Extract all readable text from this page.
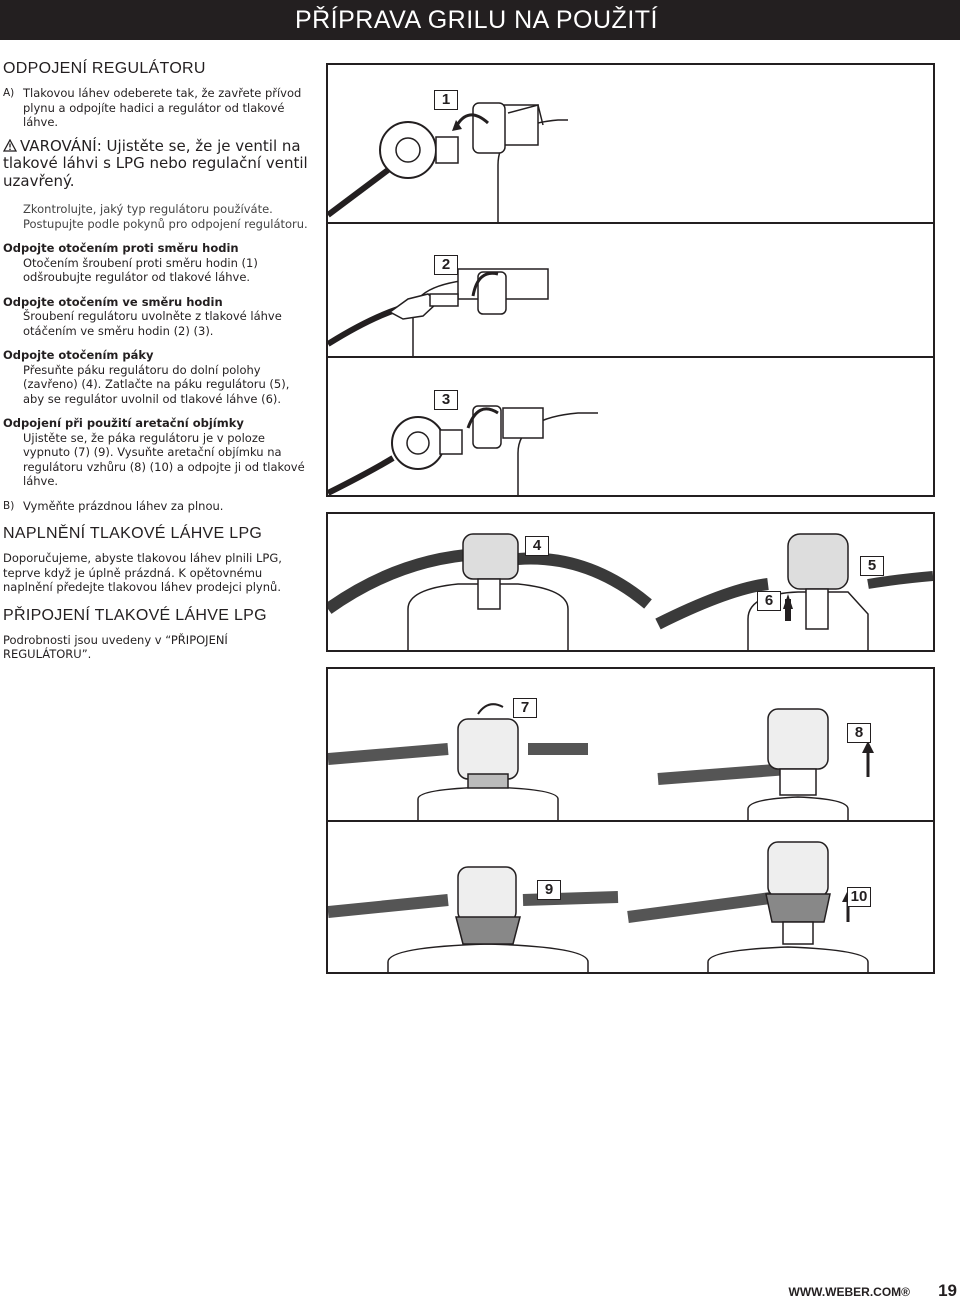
PŘÍPRAVA GRILU NA POUŽITÍ
ODPOJENÍ REGULÁTORU
A) Tlakovou láhev odeberete tak, že zavřete přívod plynu a odpojíte hadici a regulátor od tlakové láhve.
VAROVÁNÍ: Ujistěte se, že je ventil na tlakové láhvi s LPG nebo regulační ventil uzavřený.

Zkontrolujte, jaký typ regulátoru používáte. Postupujte podle pokynů pro odpojení regulátoru.

Odpojte otočením proti směru hodin

Otočením šroubení proti směru hodin (1) odšroubujte regulátor od tlakové láhve.

Odpojte otočením ve směru hodin

Šroubení regulátoru uvolněte z tlakové láhve otáčením ve směru hodin (2) (3).

Odpojte otočením páky

Přesuňte páku regulátoru do dolní polohy (zavřeno) (4). Zatlačte na páku regulátoru (5), aby se regulátor uvolnil od tlakové láhve (6).

Odpojení při použití aretační objímky

Ujistěte se, že páka regulátoru je v poloze vypnuto (7) (9). Vysuňte aretační objímku na regulátoru vzhůru (8) (10) a odpojte ji od tlakové láhve.

B) Vyměňte prázdnou láhev za plnou.
NAPLNĚNÍ TLAKOVÉ LÁHVE LPG

Doporučujeme, abyste tlakovou láhev plnili LPG, teprve když je úplně prázdná. K opětovnému naplnění předejte tlakovou láhev prodejci plynů.

PŘIPOJENÍ TLAKOVÉ LÁHVE LPG

Podrobnosti jsou uvedeny v “PŘIPOJENÍ REGULÁTORU”.

1
2
3
4
5
6
7
8
9	10
WWW.WEBER.COM® 19
